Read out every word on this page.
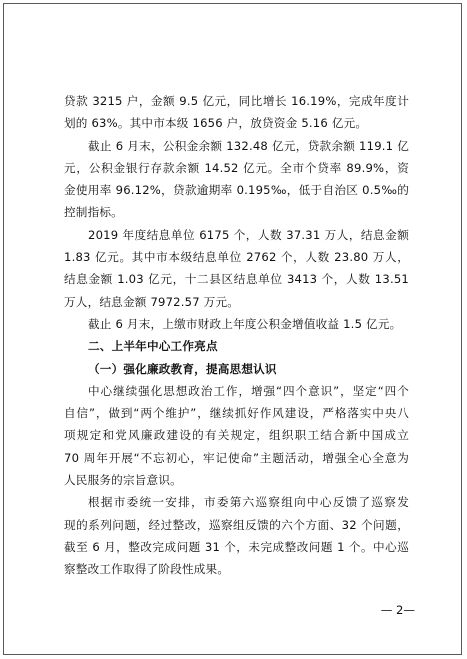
贷款 3215 户，金额 9.5 亿元，同比增长 16.19%，完成年度计
划的 63%。其中市本级 1656 户，放贷资金 5.16 亿元。
截止 6 月末，公积金余额 132.48 亿元，贷款余额 119.1 亿
元，公积金银行存款余额 14.52 亿元。全市个贷率 89.9%，资
金使用率 96.12%，贷款逾期率 0.195‰，低于自治区 0.5‰的
控制指标。
2019 年度结息单位 6175 个，人数 37.31 万人，结息金额
1.83 亿元。其中市本级结息单位 2762 个，人数 23.80 万人，
结息金额 1.03 亿元，十二县区结息单位 3413 个，人数 13.51
万人，结息金额 7972.57 万元。
截止 6 月末，上缴市财政上年度公积金增值收益 1.5 亿元。
二、上半年中心工作亮点
（一）强化廉政教育，提高思想认识
中心继续强化思想政治工作，增强“四个意识”，坚定“四个
自信”，做到“两个维护”，继续抓好作风建设，严格落实中央八
项规定和党风廉政建设的有关规定，组织职工结合新中国成立
70 周年开展“不忘初心，牢记使命”主题活动，增强全心全意为
人民服务的宗旨意识。
根据市委统一安排，市委第六巡察组向中心反馈了巡察发
现的系列问题，经过整改，巡察组反馈的六个方面、32 个问题，
截至 6 月，整改完成问题 31 个，未完成整改问题 1 个。中心巡
察整改工作取得了阶段性成果。
— 2—
